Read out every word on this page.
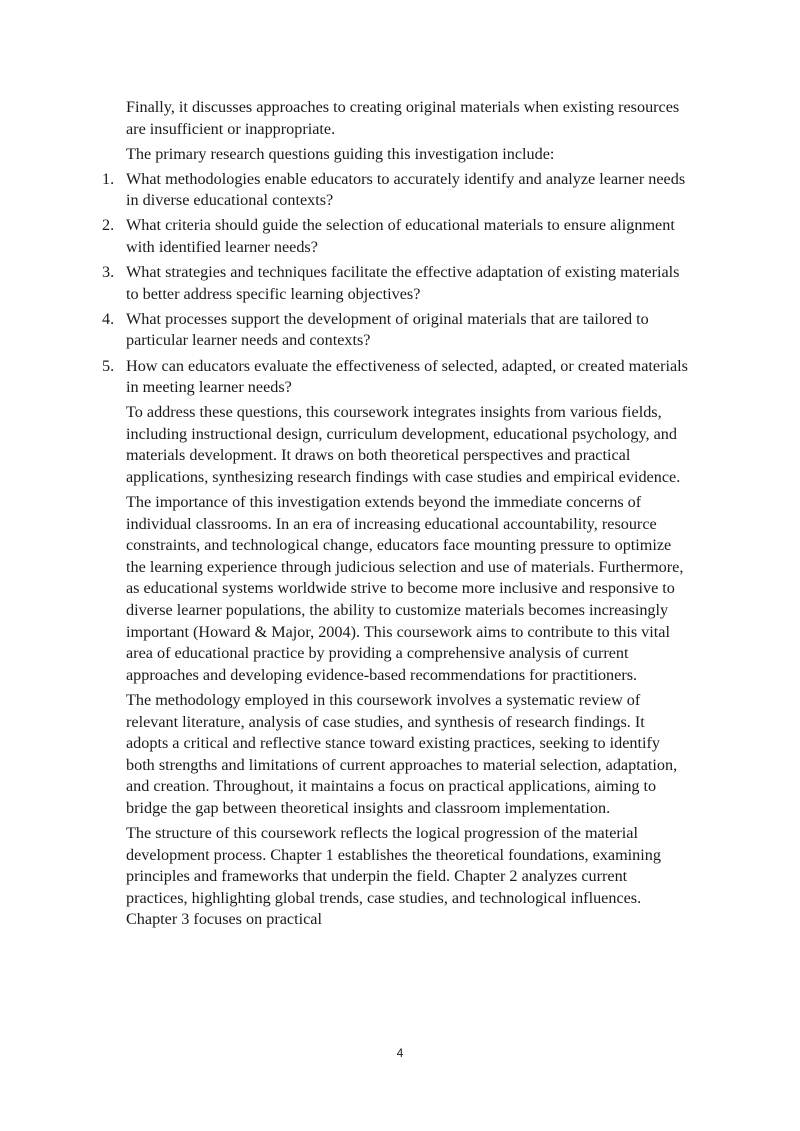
Finally, it discusses approaches to creating original materials when existing resources are insufficient or inappropriate.

The primary research questions guiding this investigation include:

1. What methodologies enable educators to accurately identify and analyze learner needs in diverse educational contexts?
2. What criteria should guide the selection of educational materials to ensure alignment with identified learner needs?
3. What strategies and techniques facilitate the effective adaptation of existing materials to better address specific learning objectives?
4. What processes support the development of original materials that are tailored to particular learner needs and contexts?
5. How can educators evaluate the effectiveness of selected, adapted, or created materials in meeting learner needs?

To address these questions, this coursework integrates insights from various fields, including instructional design, curriculum development, educational psychology, and materials development. It draws on both theoretical perspectives and practical applications, synthesizing research findings with case studies and empirical evidence.

The importance of this investigation extends beyond the immediate concerns of individual classrooms. In an era of increasing educational accountability, resource constraints, and technological change, educators face mounting pressure to optimize the learning experience through judicious selection and use of materials. Furthermore, as educational systems worldwide strive to become more inclusive and responsive to diverse learner populations, the ability to customize materials becomes increasingly important (Howard & Major, 2004). This coursework aims to contribute to this vital area of educational practice by providing a comprehensive analysis of current approaches and developing evidence-based recommendations for practitioners.

The methodology employed in this coursework involves a systematic review of relevant literature, analysis of case studies, and synthesis of research findings. It adopts a critical and reflective stance toward existing practices, seeking to identify both strengths and limitations of current approaches to material selection, adaptation, and creation. Throughout, it maintains a focus on practical applications, aiming to bridge the gap between theoretical insights and classroom implementation.

The structure of this coursework reflects the logical progression of the material development process. Chapter 1 establishes the theoretical foundations, examining principles and frameworks that underpin the field. Chapter 2 analyzes current practices, highlighting global trends, case studies, and technological influences. Chapter 3 focuses on practical

4
